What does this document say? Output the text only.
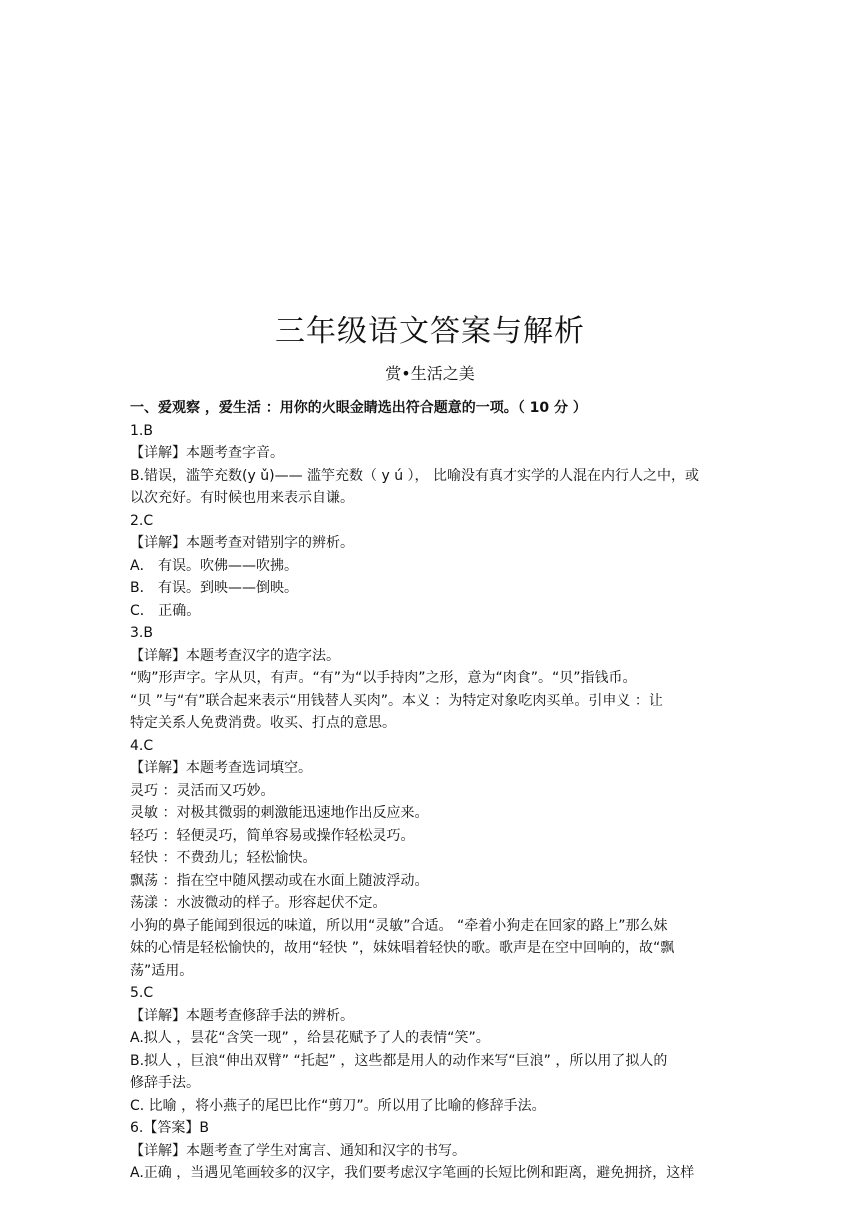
三年级语文答案与解析
赏•生活之美

一、爱观察 ，爱生活 ：用你的火眼金睛选出符合题意的一项。（ 10 分 ）

1.B

【详解】本题考查字音。

B.错误，滥竽充数(y ǔ)—— 滥竽充数（ y ú ）， 比喻没有真才实学的人混在内行人之中，或

以次充好。有时候也用来表示自谦。

2.C

【详解】本题考查对错别字的辨析。

A． 有误。吹佛——吹拂。

B． 有误。到映——倒映。

C． 正确。

3.B

【详解】本题考查汉字的造字法。

“购”形声字。字从贝，有声。“有”为“以手持肉”之形，意为“肉食”。“贝”指钱币。

“贝 ”与“有”联合起来表示“用钱替人买肉”。本义 ：为特定对象吃肉买单。引申义 ：让

特定关系人免费消费。收买、打点的意思。

4.C

【详解】本题考查选词填空。

灵巧 ：灵活而又巧妙。

灵敏 ：对极其微弱的刺激能迅速地作出反应来。

轻巧 ：轻便灵巧，简单容易或操作轻松灵巧。

轻快 ：不费劲儿；轻松愉快。

飘荡 ：指在空中随风摆动或在水面上随波浮动。

荡漾 ：水波微动的样子。形容起伏不定。

小狗的鼻子能闻到很远的味道，所以用“灵敏”合适。 “牵着小狗走在回家的路上”那么妹

妹的心情是轻松愉快的，故用“轻快 ”，妹妹唱着轻快的歌。歌声是在空中回响的，故“飘

荡”适用。

5.C

【详解】本题考查修辞手法的辨析。

A.拟人 ，昙花“含笑一现” ，给昙花赋予了人的表情“笑”。

B.拟人 ，巨浪“伸出双臂” “托起” ，这些都是用人的动作来写“巨浪” ，所以用了拟人的

修辞手法。

C. 比喻 ，将小燕子的尾巴比作“剪刀”。所以用了比喻的修辞手法。

6.【答案】B

【详解】本题考查了学生对寓言、通知和汉字的书写。

A.正确 ，当遇见笔画较多的汉字，我们要考虑汉字笔画的长短比例和距离，避免拥挤，这样
